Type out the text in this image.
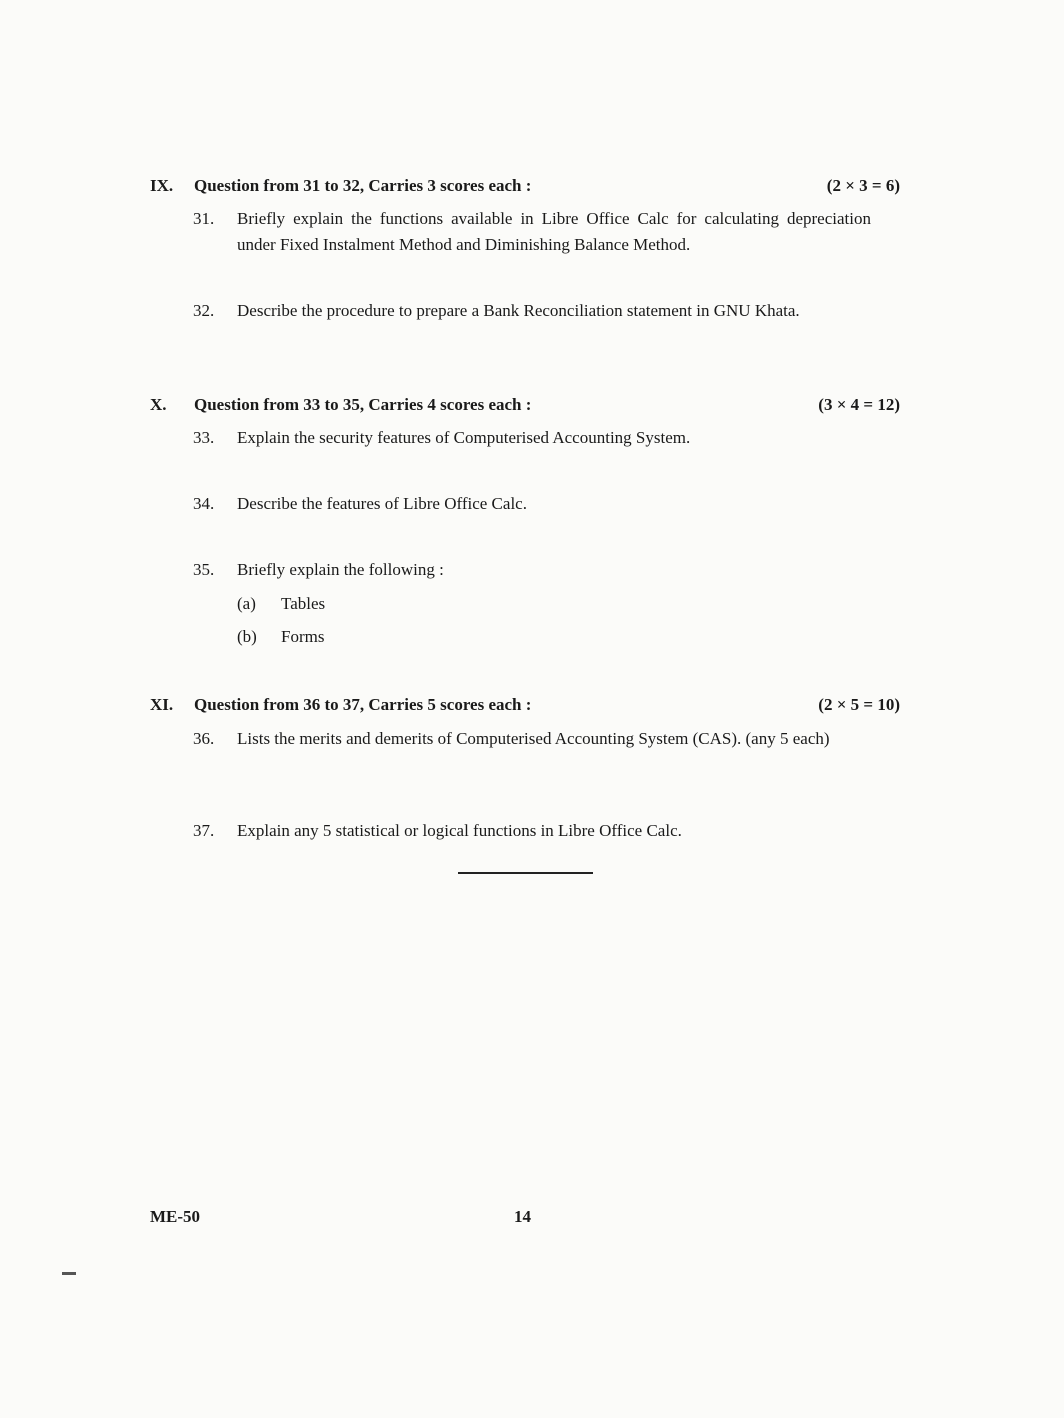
IX. Question from 31 to 32, Carries 3 scores each :	(2 × 3 = 6)
31. Briefly explain the functions available in Libre Office Calc for calculating depreciation under Fixed Instalment Method and Diminishing Balance Method.
32. Describe the procedure to prepare a Bank Reconciliation statement in GNU Khata.
X. Question from 33 to 35, Carries 4 scores each :	(3 × 4 = 12)
33. Explain the security features of Computerised Accounting System.
34. Describe the features of Libre Office Calc.
35. Briefly explain the following :
(a) Tables
(b) Forms
XI. Question from 36 to 37, Carries 5 scores each :	(2 × 5 = 10)
36. Lists the merits and demerits of Computerised Accounting System (CAS). (any 5 each)
37. Explain any 5 statistical or logical functions in Libre Office Calc.
ME-50	14
